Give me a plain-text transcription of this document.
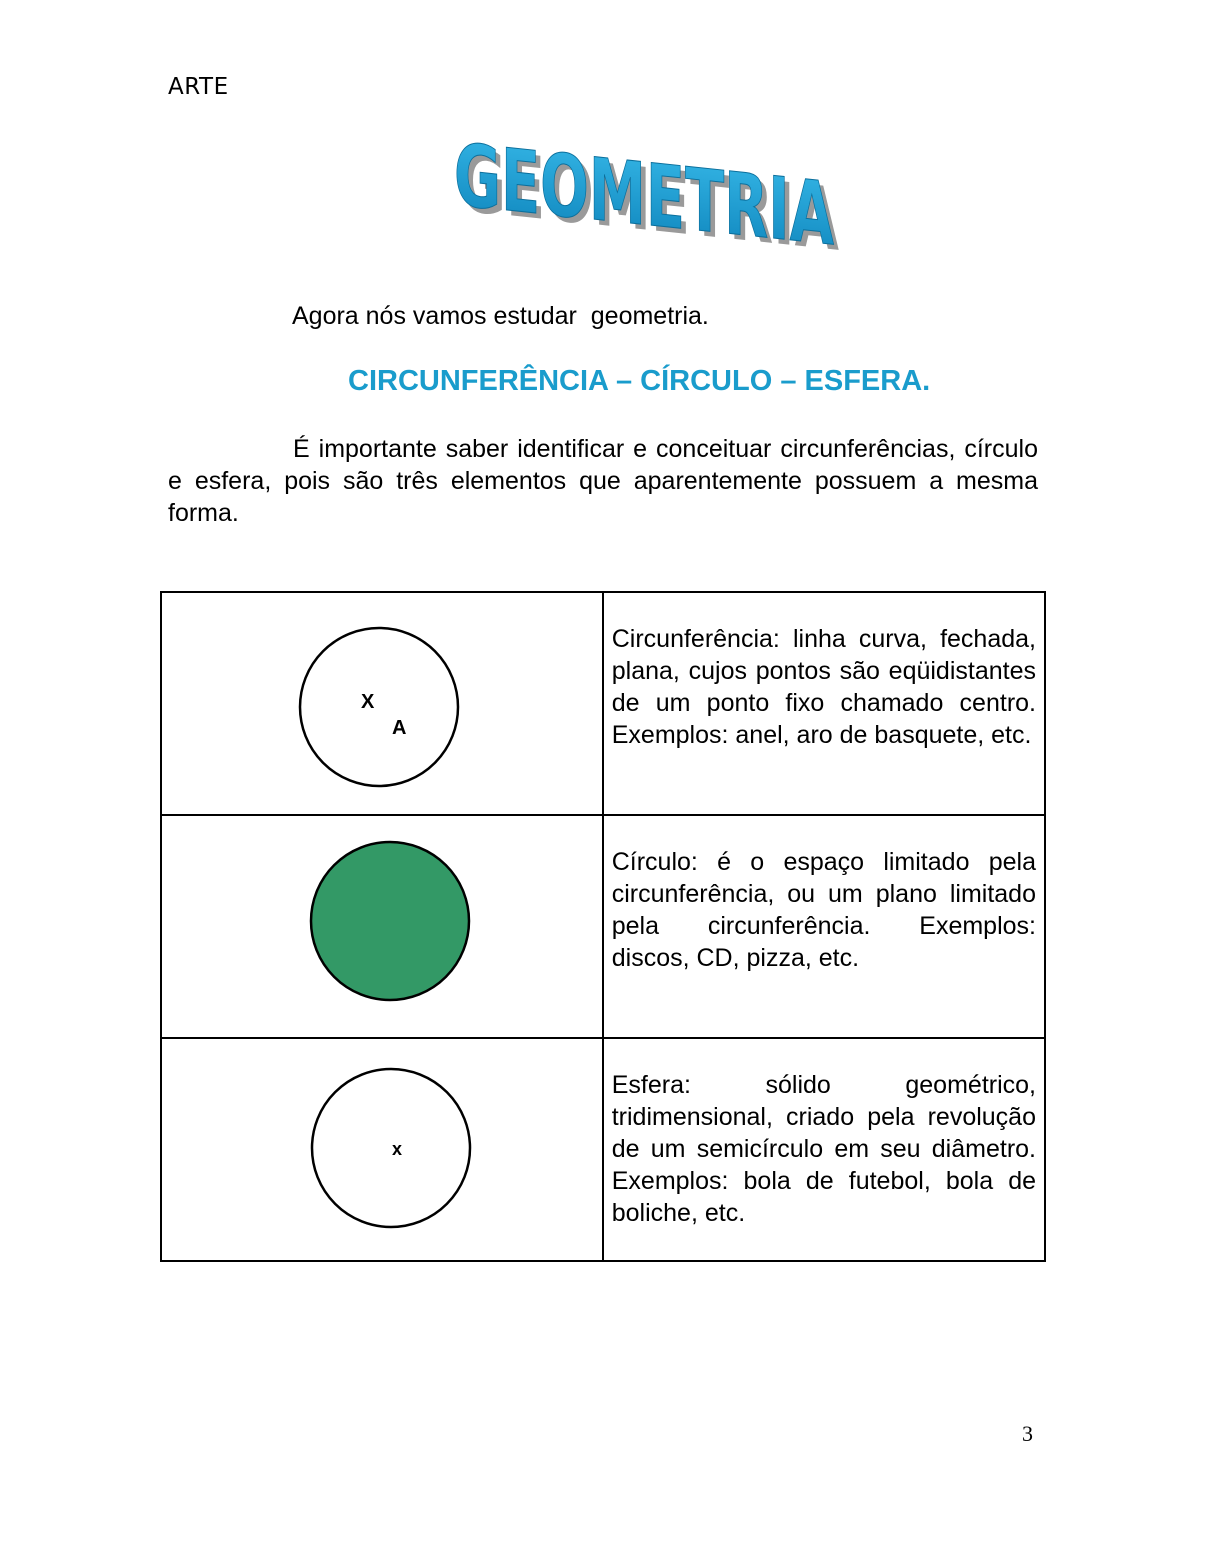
ARTE
GEOMETRIA
GEOMETRIA
Agora nós vamos estudar  geometria.
CIRCUNFERÊNCIA – CÍRCULO – ESFERA.
É importante saber identificar e conceituar circunferências, círculo e esfera, pois são três elementos que aparentemente possuem a mesma forma.
X
A	Circunferência: linha curva, fechada, plana, cujos pontos são eqüidistantes de um ponto fixo chamado centro. Exemplos: anel, aro de basquete, etc.

Círculo: é o espaço limitado pela circunferência, ou um plano limitado pela circunferência. Exemplos: discos, CD, pizza, etc.

x	Esfera: sólido geométrico, tridimensional, criado pela revolução de um semicírculo em seu diâmetro. Exemplos: bola de futebol, bola de boliche, etc.
3
